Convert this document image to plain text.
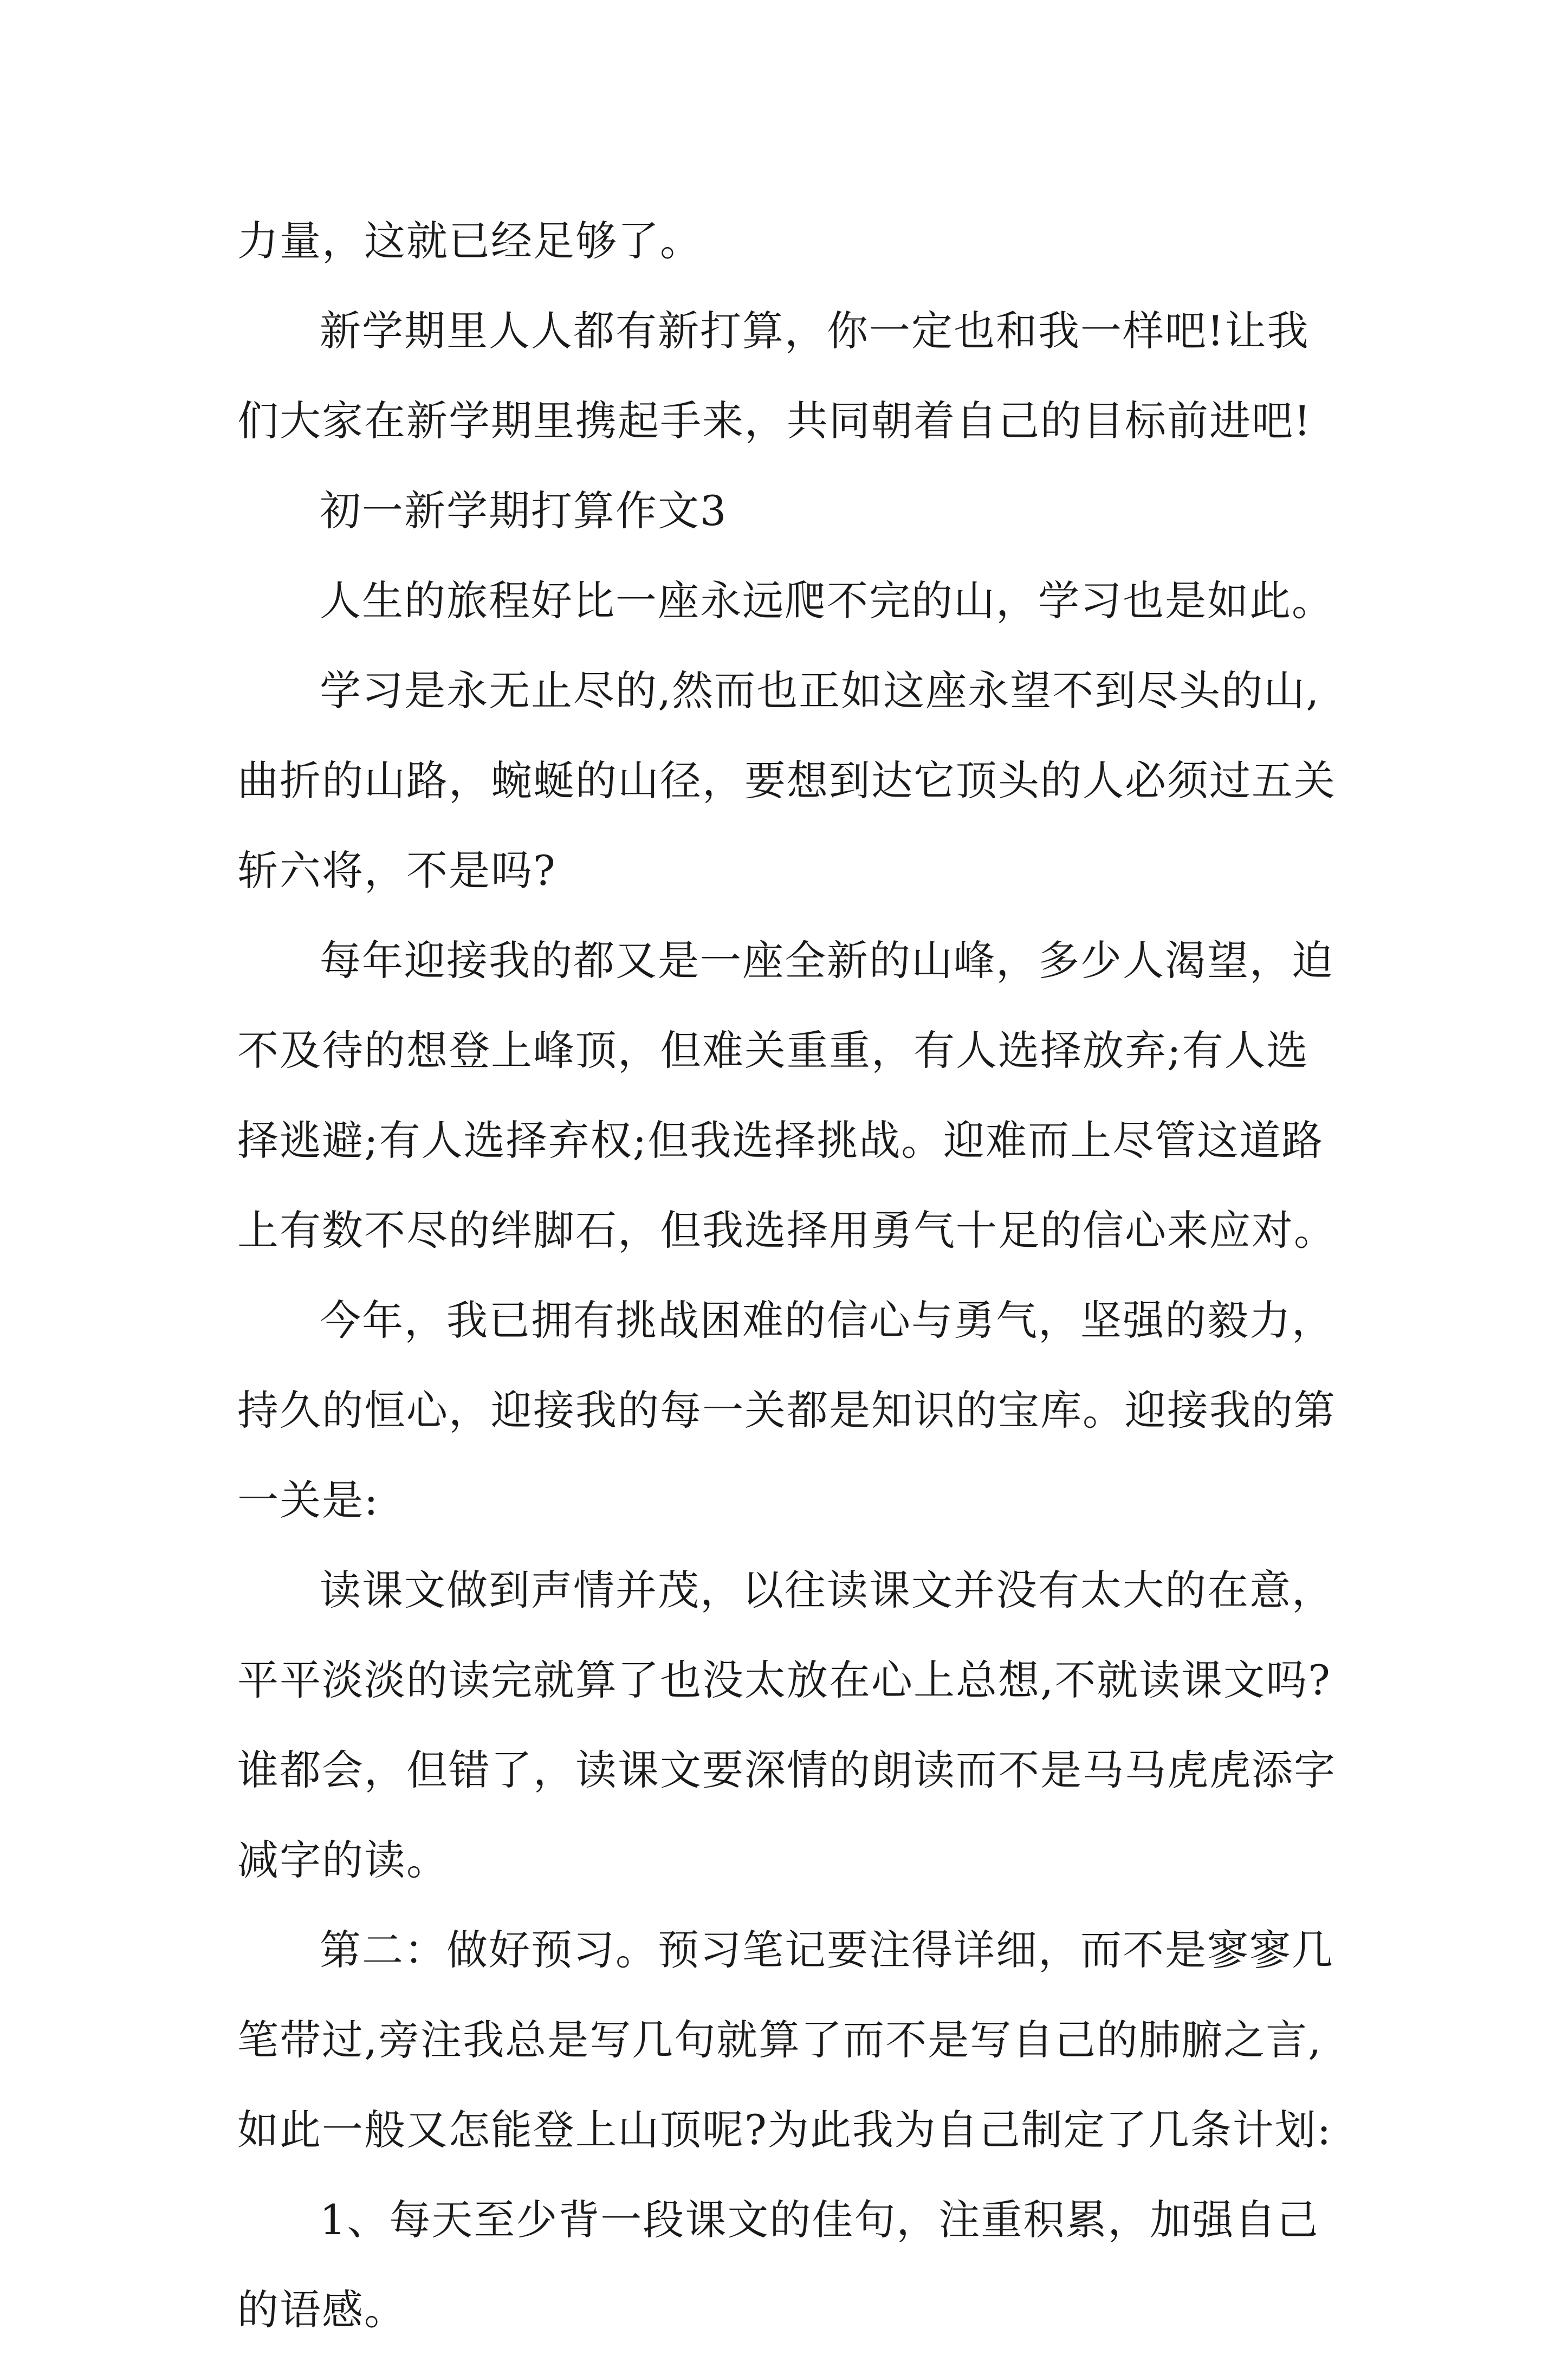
力量，这就已经足够了。
新学期里人人都有新打算，你一定也和我一样吧!让我
们大家在新学期里携起手来，共同朝着自己的目标前进吧!
初一新学期打算作文3
人生的旅程好比一座永远爬不完的山，学习也是如此。
学习是永无止尽的,然而也正如这座永望不到尽头的山,
曲折的山路，蜿蜒的山径，要想到达它顶头的人必须过五关
斩六将，不是吗?
每年迎接我的都又是一座全新的山峰，多少人渴望，迫
不及待的想登上峰顶，但难关重重，有人选择放弃;有人选
择逃避;有人选择弃权;但我选择挑战。迎难而上尽管这道路
上有数不尽的绊脚石，但我选择用勇气十足的信心来应对。
今年，我已拥有挑战困难的信心与勇气，坚强的毅力，
持久的恒心，迎接我的每一关都是知识的宝库。迎接我的第
一关是:
读课文做到声情并茂，以往读课文并没有太大的在意，
平平淡淡的读完就算了也没太放在心上总想,不就读课文吗?
谁都会，但错了，读课文要深情的朗读而不是马马虎虎添字
减字的读。
第二：做好预习。预习笔记要注得详细，而不是寥寥几
笔带过,旁注我总是写几句就算了而不是写自己的肺腑之言,
如此一般又怎能登上山顶呢?为此我为自己制定了几条计划:
1、每天至少背一段课文的佳句，注重积累，加强自己
的语感。
